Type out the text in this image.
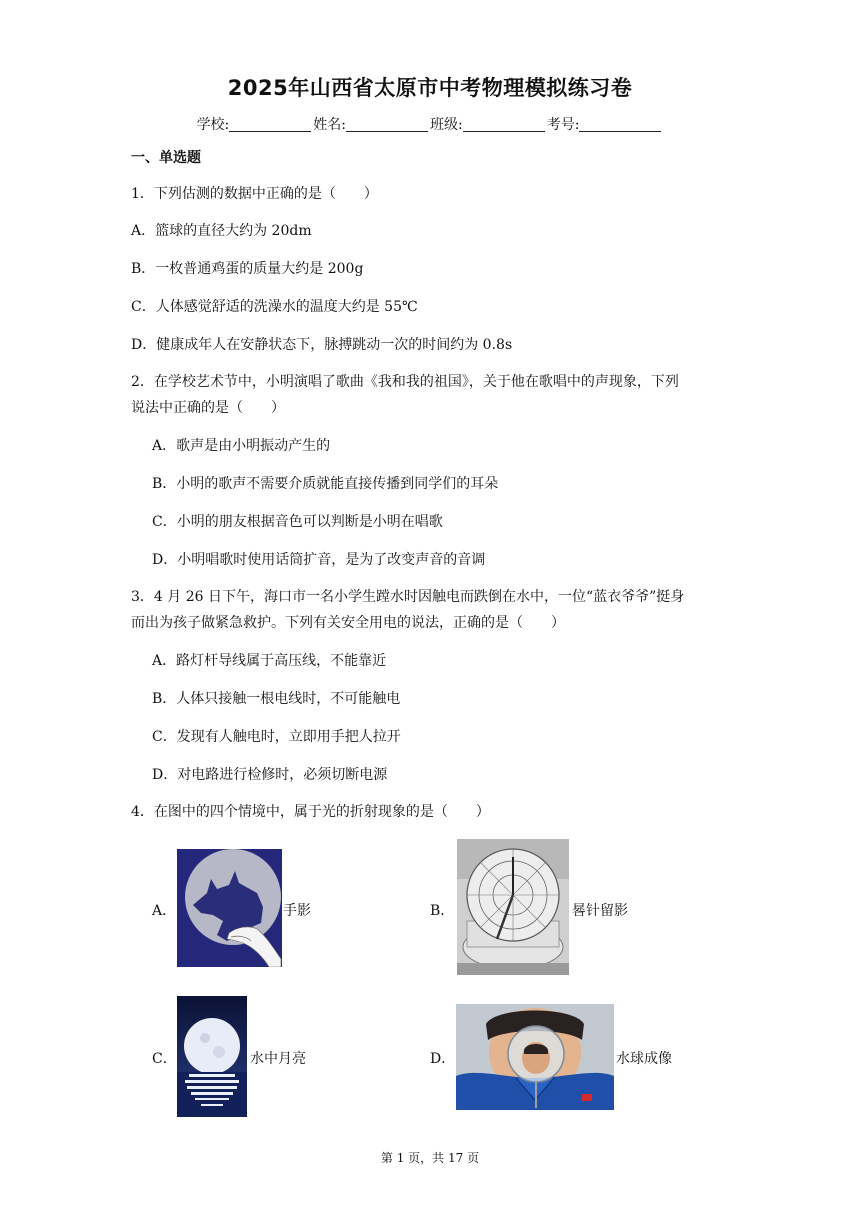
2025年山西省太原市中考物理模拟练习卷
学校:	姓名:	班级:	考号:
一、单选题
1．下列估测的数据中正确的是（　　）
A．篮球的直径大约为 20dm
B．一枚普通鸡蛋的质量大约是 200g
C．人体感觉舒适的洗澡水的温度大约是 55℃
D．健康成年人在安静状态下，脉搏跳动一次的时间约为 0.8s
2．在学校艺术节中，小明演唱了歌曲《我和我的祖国》，关于他在歌唱中的声现象，下列
说法中正确的是（　　）
A．歌声是由小明振动产生的
B．小明的歌声不需要介质就能直接传播到同学们的耳朵
C．小明的朋友根据音色可以判断是小明在唱歌
D．小明唱歌时使用话筒扩音，是为了改变声音的音调
3．4 月 26 日下午，海口市一名小学生蹚水时因触电而跌倒在水中，一位“蓝衣爷爷”挺身
而出为孩子做紧急救护。下列有关安全用电的说法，正确的是（　　）
A．路灯杆导线属于高压线，不能靠近
B．人体只接触一根电线时，不可能触电
C．发现有人触电时，立即用手把人拉开
D．对电路进行检修时，必须切断电源
4．在图中的四个情境中，属于光的折射现象的是（　　）
A．	手影	B．	晷针留影
C．	水中月亮	D．	水球成像
第 1 页，共 17 页
